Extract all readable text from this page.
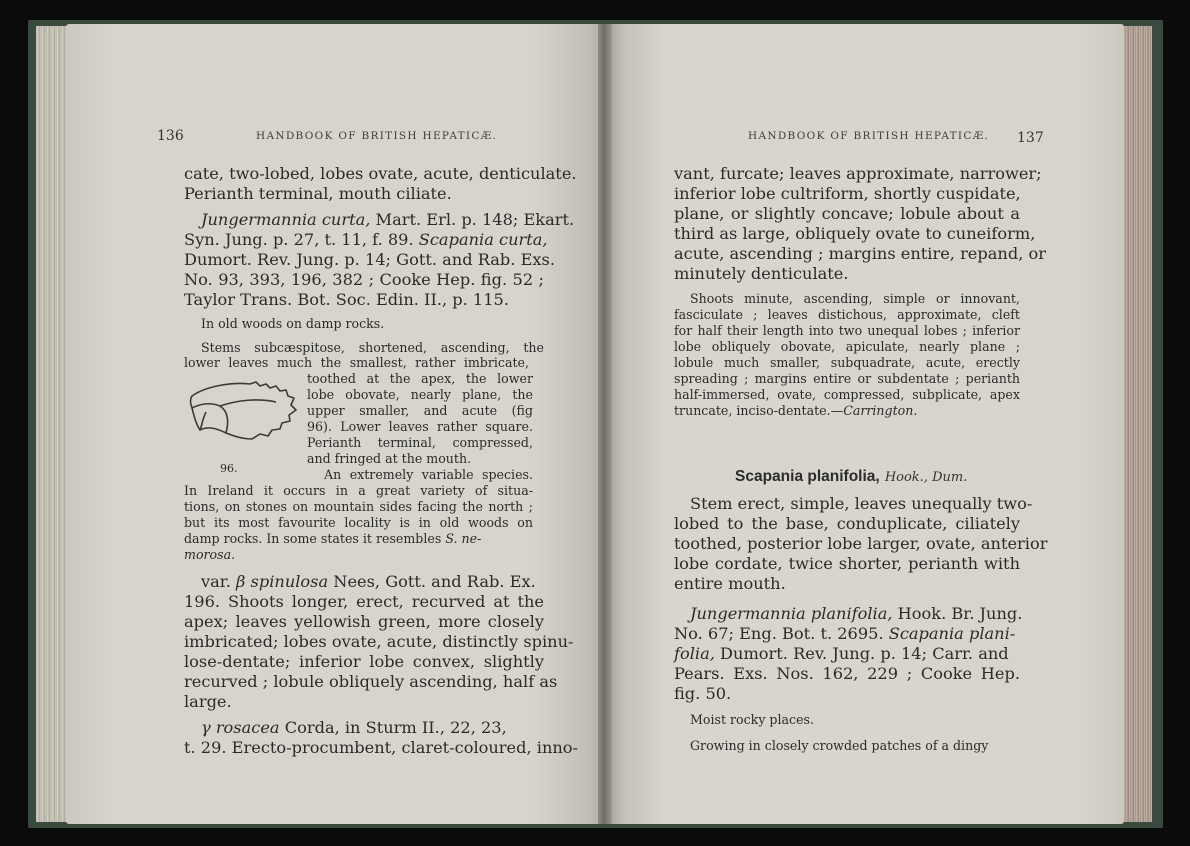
136	HANDBOOK OF BRITISH HEPATICÆ.
cate, two-lobed, lobes ovate, acute, denticulate.
Perianth terminal, mouth ciliate.
Jungermannia curta, Mart. Erl. p. 148; Ekart.
Syn. Jung. p. 27, t. 11, f. 89. Scapania curta,
Dumort. Rev. Jung. p. 14; Gott. and Rab. Exs.
No. 93, 393, 196, 382 ; Cooke Hep. fig. 52 ;
Taylor Trans. Bot. Soc. Edin. II., p. 115.
In old woods on damp rocks.
Stems subcæspitose, shortened, ascending, the
lower leaves much the smallest, rather imbricate,
toothed at the apex, the lower
lobe obovate, nearly plane, the
upper smaller, and acute (fig
96). Lower leaves rather square.
Perianth terminal, compressed,
and fringed at the mouth.
96.	An extremely variable species.
In Ireland it occurs in a great variety of situa-
tions, on stones on mountain sides facing the north ;
but its most favourite locality is in old woods on
damp rocks. In some states it resembles S. ne-
morosa.
var. β spinulosa Nees, Gott. and Rab. Ex.
196. Shoots longer, erect, recurved at the
apex; leaves yellowish green, more closely
imbricated; lobes ovate, acute, distinctly spinu-
lose-dentate; inferior lobe convex, slightly
recurved ; lobule obliquely ascending, half as
large.
γ rosacea Corda, in Sturm II., 22, 23,
t. 29. Erecto-procumbent, claret-coloured, inno-
HANDBOOK OF BRITISH HEPATICÆ. 137
vant, furcate; leaves approximate, narrower;
inferior lobe cultriform, shortly cuspidate,
plane, or slightly concave; lobule about a
third as large, obliquely ovate to cuneiform,
acute, ascending ; margins entire, repand, or
minutely denticulate.
Shoots minute, ascending, simple or innovant,
fasciculate ; leaves distichous, approximate, cleft
for half their length into two unequal lobes ; inferior
lobe obliquely obovate, apiculate, nearly plane ;
lobule much smaller, subquadrate, acute, erectly
spreading ; margins entire or subdentate ; perianth
half-immersed, ovate, compressed, subplicate, apex
truncate, inciso-dentate.—Carrington.
Scapania planifolia, Hook., Dum.
Stem erect, simple, leaves unequally two-
lobed to the base, conduplicate, ciliately
toothed, posterior lobe larger, ovate, anterior
lobe cordate, twice shorter, perianth with
entire mouth.
Jungermannia planifolia, Hook. Br. Jung.
No. 67; Eng. Bot. t. 2695. Scapania plani-
folia, Dumort. Rev. Jung. p. 14; Carr. and
Pears. Exs. Nos. 162, 229 ; Cooke Hep.
fig. 50.
Moist rocky places.
Growing in closely crowded patches of a dingy
